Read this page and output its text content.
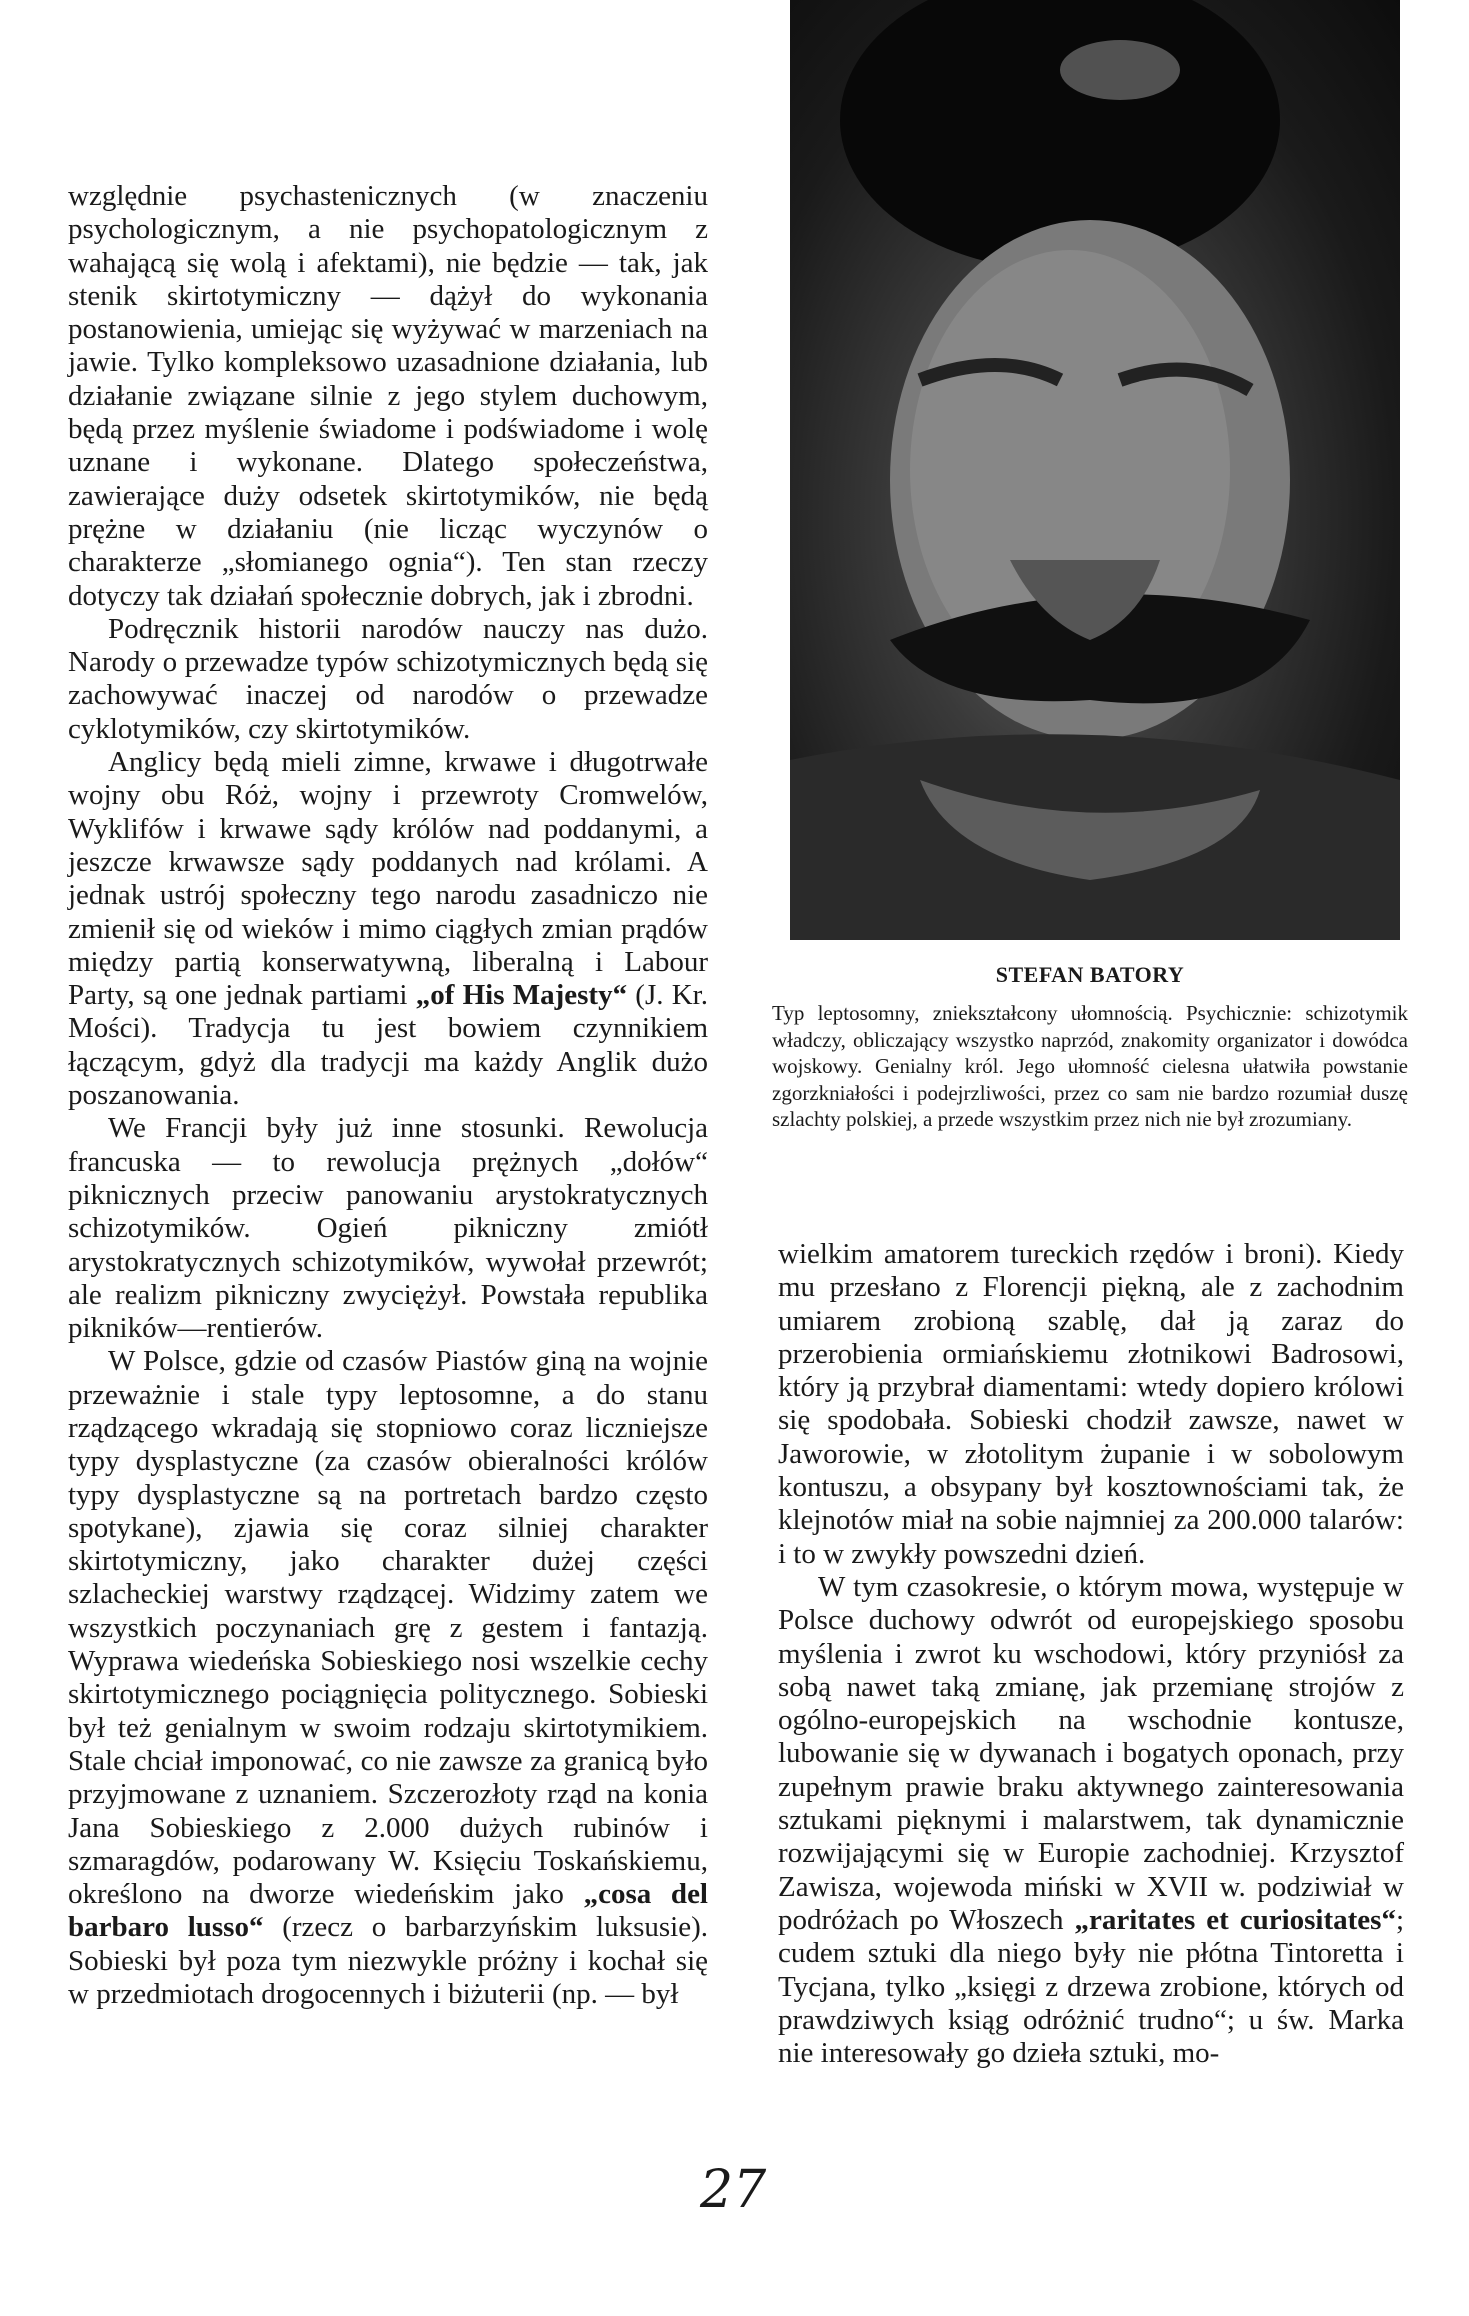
względnie psychastenicznych (w znaczeniu psychologicznym, a nie psychopatologicznym z wahającą się wolą i afektami), nie będzie — tak, jak stenik skirtotymiczny — dążył do wykonania postanowienia, umiejąc się wyżywać w marzeniach na jawie. Tylko kompleksowo uzasadnione działania, lub działanie związane silnie z jego stylem duchowym, będą przez myślenie świadome i podświadome i wolę uznane i wykonane. Dlatego społeczeństwa, zawierające duży odsetek skirtotymików, nie będą prężne w działaniu (nie licząc wyczynów o charakterze „słomianego ognia“). Ten stan rzeczy dotyczy tak działań społecznie dobrych, jak i zbrodni.

Podręcznik historii narodów nauczy nas dużo. Narody o przewadze typów schizotymicznych będą się zachowywać inaczej od narodów o przewadze cyklotymików, czy skirtotymików.

Anglicy będą mieli zimne, krwawe i długotrwałe wojny obu Róż, wojny i przewroty Cromwelów, Wyklifów i krwawe sądy królów nad poddanymi, a jeszcze krwawsze sądy poddanych nad królami. A jednak ustrój społeczny tego narodu zasadniczo nie zmienił się od wieków i mimo ciągłych zmian prądów między partią konserwatywną, liberalną i Labour Party, są one jednak partiami „of His Majesty“ (J. Kr. Mości). Tradycja tu jest bowiem czynnikiem łączącym, gdyż dla tradycji ma każdy Anglik dużo poszanowania.

We Francji były już inne stosunki. Rewolucja francuska — to rewolucja prężnych „dołów“ piknicznych przeciw panowaniu arystokratycznych schizotymików. Ogień pikniczny zmiótł arystokratycznych schizotymików, wywołał przewrót; ale realizm pikniczny zwyciężył. Powstała republika pikników—rentierów.

W Polsce, gdzie od czasów Piastów giną na wojnie przeważnie i stale typy leptosomne, a do stanu rządzącego wkradają się stopniowo coraz liczniejsze typy dysplastyczne (za czasów obieralności królów typy dysplastyczne są na portretach bardzo często spotykane), zjawia się coraz silniej charakter skirtotymiczny, jako charakter dużej części szlacheckiej warstwy rządzącej. Widzimy zatem we wszystkich poczynaniach grę z gestem i fantazją. Wyprawa wiedeńska Sobieskiego nosi wszelkie cechy skirtotymicznego pociągnięcia politycznego. Sobieski był też genialnym w swoim rodzaju skirtotymikiem. Stale chciał imponować, co nie zawsze za granicą było przyjmowane z uznaniem. Szczerozłoty rząd na konia Jana Sobieskiego z 2.000 dużych rubinów i szmaragdów, podarowany W. Księciu Toskańskiemu, określono na dworze wiedeńskim jako „cosa del barbaro lusso“ (rzecz o barbarzyńskim luksusie). Sobieski był poza tym niezwykle próżny i kochał się w przedmiotach drogocennych i biżuterii (np. — był

STEFAN BATORY
Typ leptosomny, zniekształcony ułomnością. Psychicznie: schizotymik władczy, obliczający wszystko naprzód, znakomity organizator i dowódca wojskowy. Genialny król. Jego ułomność cielesna ułatwiła powstanie zgorzkniałości i podejrzliwości, przez co sam nie bardzo rozumiał duszę szlachty polskiej, a przede wszystkim przez nich nie był zrozumiany.

wielkim amatorem tureckich rzędów i broni). Kiedy mu przesłano z Florencji piękną, ale z zachodnim umiarem zrobioną szablę, dał ją zaraz do przerobienia ormiańskiemu złotnikowi Badrosowi, który ją przybrał diamentami: wtedy dopiero królowi się spodobała. Sobieski chodził zawsze, nawet w Jaworowie, w złotolitym żupanie i w sobolowym kontuszu, a obsypany był kosztownościami tak, że klejnotów miał na sobie najmniej za 200.000 talarów: i to w zwykły powszedni dzień.

W tym czasokresie, o którym mowa, występuje w Polsce duchowy odwrót od europejskiego sposobu myślenia i zwrot ku wschodowi, który przyniósł za sobą nawet taką zmianę, jak przemianę strojów z ogólno-europejskich na wschodnie kontusze, lubowanie się w dywanach i bogatych oponach, przy zupełnym prawie braku aktywnego zainteresowania sztukami pięknymi i malarstwem, tak dynamicznie rozwijającymi się w Europie zachodniej. Krzysztof Zawisza, wojewoda miński w XVII w. podziwiał w podróżach po Włoszech „raritates et curiositates“; cudem sztuki dla niego były nie płótna Tintoretta i Tycjana, tylko „księgi z drzewa zrobione, których od prawdziwych ksiąg odróżnić trudno“; u św. Marka nie interesowały go dzieła sztuki, mo-

27
